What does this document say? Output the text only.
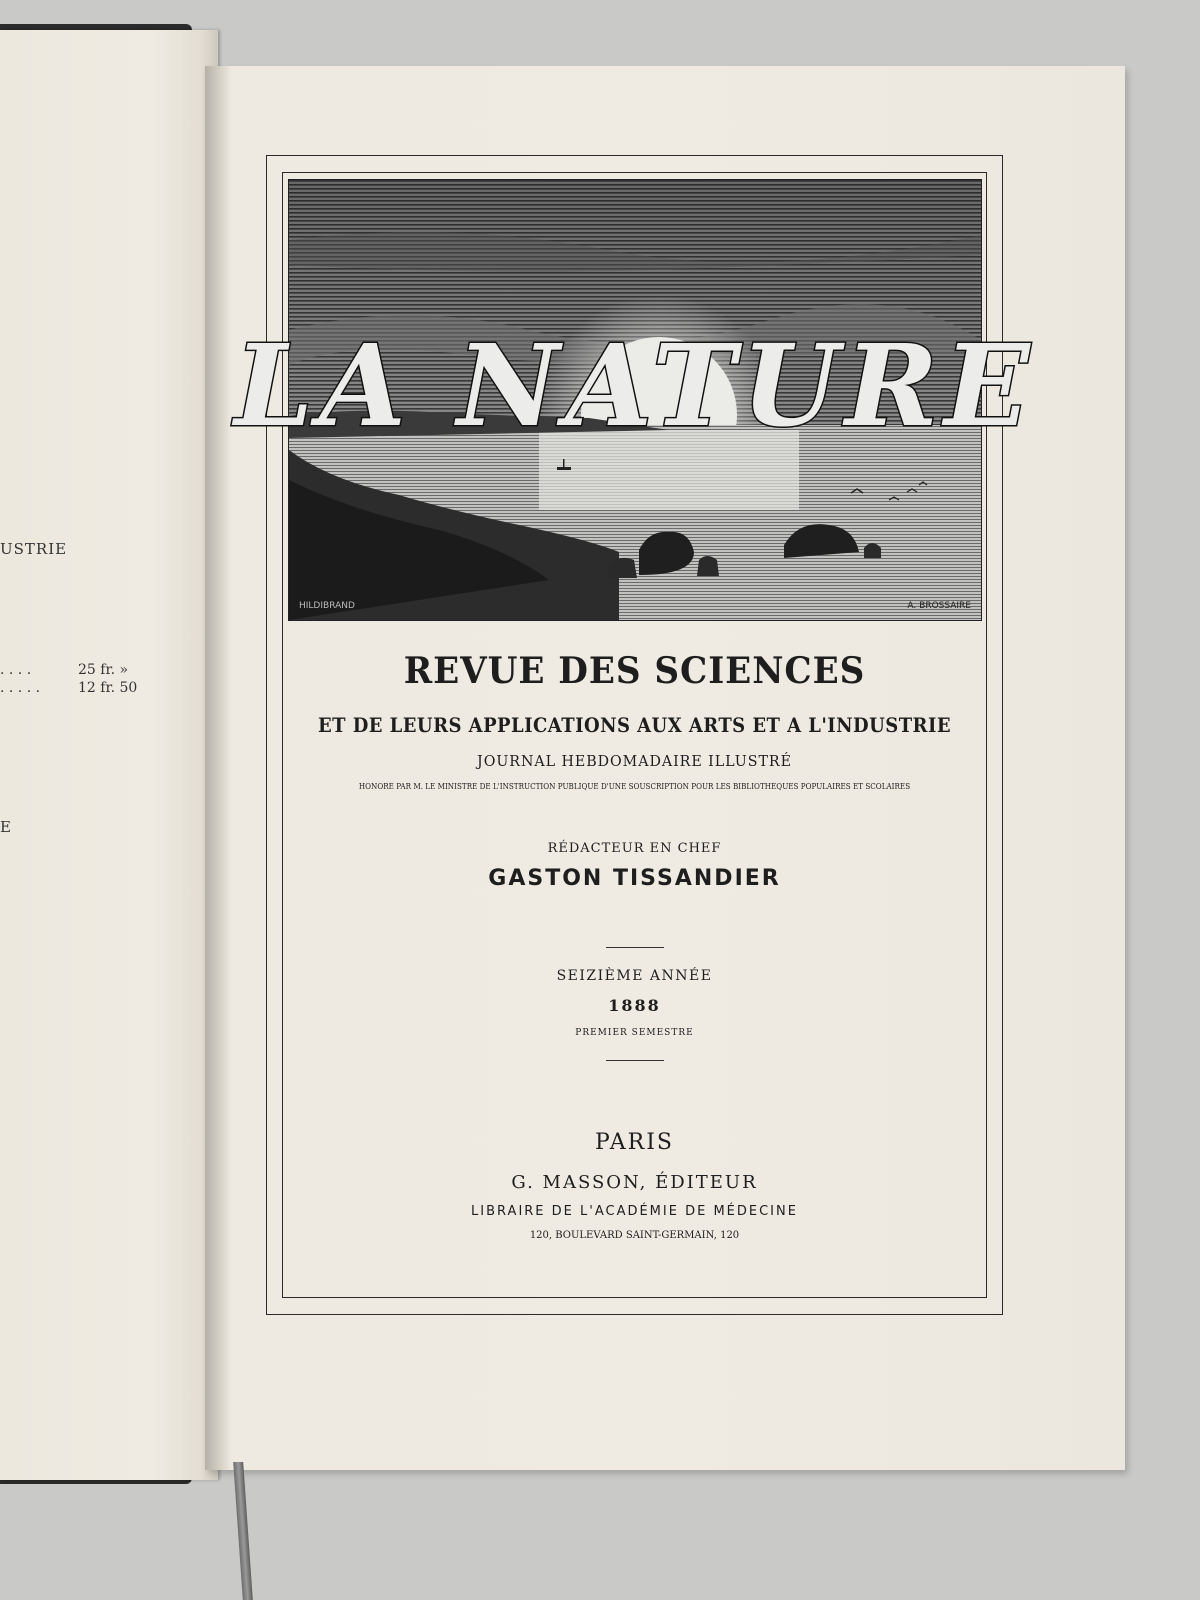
USTRIE
. . . .	25 fr. »
. . . . .	12 fr. 50
E
LA NATURE
HILDIBRAND	A. BROSSAIRE
REVUE DES SCIENCES
ET DE LEURS APPLICATIONS AUX ARTS ET A L'INDUSTRIE
JOURNAL HEBDOMADAIRE ILLUSTRÉ
HONORÉ PAR M. LE MINISTRE DE L'INSTRUCTION PUBLIQUE D'UNE SOUSCRIPTION POUR LES BIBLIOTHÈQUES POPULAIRES ET SCOLAIRES
RÉDACTEUR EN CHEF
GASTON TISSANDIER
SEIZIÈME ANNÉE
1888
PREMIER SEMESTRE
PARIS
G. MASSON, ÉDITEUR
LIBRAIRE DE L'ACADÉMIE DE MÉDECINE
120, BOULEVARD SAINT-GERMAIN, 120
